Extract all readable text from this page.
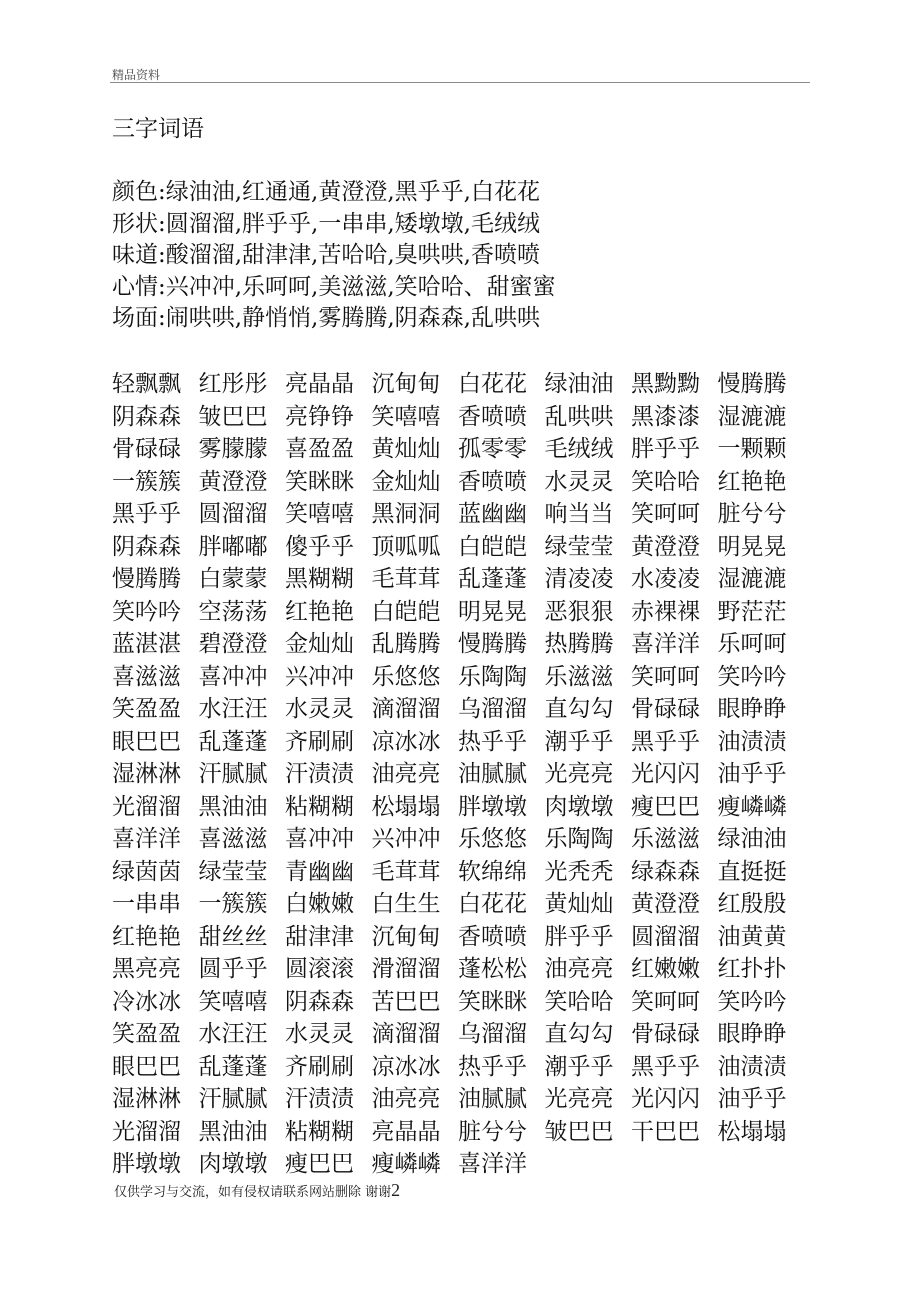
精品资料
三字词语
颜色:绿油油,红通通,黄澄澄,黑乎乎,白花花
形状:圆溜溜,胖乎乎,一串串,矮墩墩,毛绒绒
味道:酸溜溜,甜津津,苦哈哈,臭哄哄,香喷喷
心情:兴冲冲,乐呵呵,美滋滋,笑哈哈、甜蜜蜜
场面:闹哄哄,静悄悄,雾腾腾,阴森森,乱哄哄
轻飘飘 红彤彤 亮晶晶 沉甸甸 白花花 绿油油 黑黝黝 慢腾腾
阴森森 皱巴巴 亮铮铮 笑嘻嘻 香喷喷 乱哄哄 黑漆漆 湿漉漉
骨碌碌 雾朦朦 喜盈盈 黄灿灿 孤零零 毛绒绒 胖乎乎 一颗颗
一簇簇 黄澄澄 笑眯眯 金灿灿 香喷喷 水灵灵 笑哈哈 红艳艳
黑乎乎 圆溜溜 笑嘻嘻 黑洞洞 蓝幽幽 响当当 笑呵呵 脏兮兮
阴森森 胖嘟嘟 傻乎乎 顶呱呱 白皑皑 绿莹莹 黄澄澄 明晃晃
慢腾腾 白蒙蒙 黑糊糊 毛茸茸 乱蓬蓬 清凌凌 水凌凌 湿漉漉
笑吟吟 空荡荡 红艳艳 白皑皑 明晃晃 恶狠狠 赤裸裸 野茫茫
蓝湛湛 碧澄澄 金灿灿 乱腾腾 慢腾腾 热腾腾 喜洋洋 乐呵呵
喜滋滋 喜冲冲 兴冲冲 乐悠悠 乐陶陶 乐滋滋 笑呵呵 笑吟吟
笑盈盈 水汪汪 水灵灵 滴溜溜 乌溜溜 直勾勾 骨碌碌 眼睁睁
眼巴巴 乱蓬蓬 齐刷刷 凉冰冰 热乎乎 潮乎乎 黑乎乎 油渍渍
湿淋淋 汗腻腻 汗渍渍 油亮亮 油腻腻 光亮亮 光闪闪 油乎乎
光溜溜 黑油油 粘糊糊 松塌塌 胖墩墩 肉墩墩 瘦巴巴 瘦嶙嶙
喜洋洋 喜滋滋 喜冲冲 兴冲冲 乐悠悠 乐陶陶 乐滋滋 绿油油
绿茵茵 绿莹莹 青幽幽 毛茸茸 软绵绵 光秃秃 绿森森 直挺挺
一串串 一簇簇 白嫩嫩 白生生 白花花 黄灿灿 黄澄澄 红殷殷
红艳艳 甜丝丝 甜津津 沉甸甸 香喷喷 胖乎乎 圆溜溜 油黄黄
黑亮亮 圆乎乎 圆滚滚 滑溜溜 蓬松松 油亮亮 红嫩嫩 红扑扑
冷冰冰 笑嘻嘻 阴森森 苦巴巴 笑眯眯 笑哈哈 笑呵呵 笑吟吟
笑盈盈 水汪汪 水灵灵 滴溜溜 乌溜溜 直勾勾 骨碌碌 眼睁睁
眼巴巴 乱蓬蓬 齐刷刷 凉冰冰 热乎乎 潮乎乎 黑乎乎 油渍渍
湿淋淋 汗腻腻 汗渍渍 油亮亮 油腻腻 光亮亮 光闪闪 油乎乎
光溜溜 黑油油 粘糊糊 亮晶晶 脏兮兮 皱巴巴 干巴巴 松塌塌
胖墩墩 肉墩墩 瘦巴巴 瘦嶙嶙 喜洋洋
仅供学习与交流，如有侵权请联系网站删除 谢谢2
